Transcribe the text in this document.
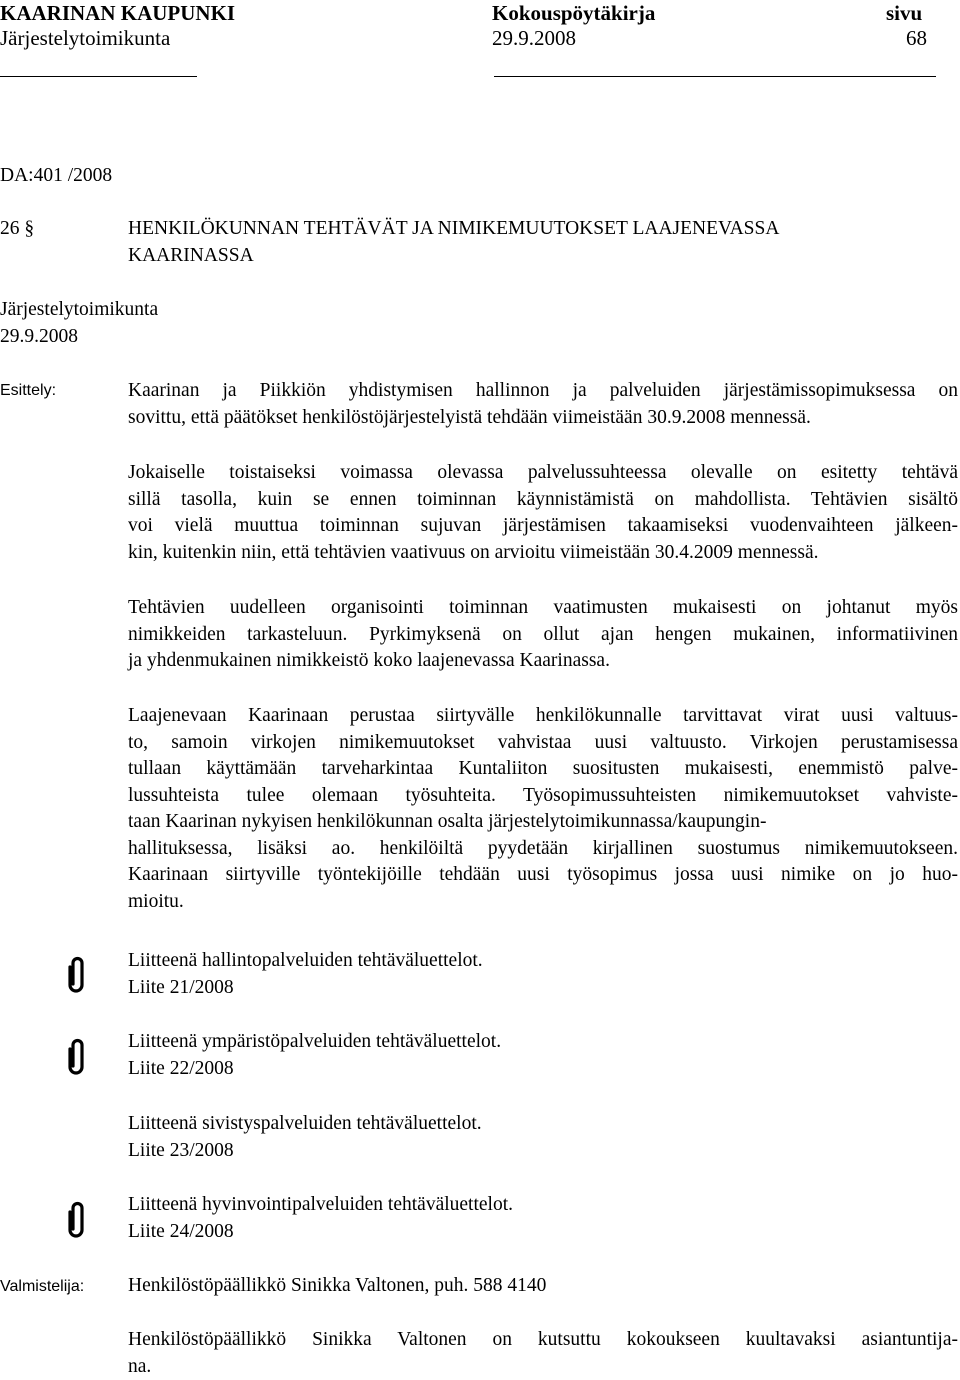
KAARINAN KAUPUNKI	Kokouspöytäkirja	sivu
Järjestelytoimikunta	29.9.2008	68
DA:401 /2008
26 §	HENKILÖKUNNAN TEHTÄVÄT JA NIMIKEMUUTOKSET LAAJENEVASSA
KAARINASSA
Järjestelytoimikunta
29.9.2008
Esittely:	Kaarinan ja Piikkiön yhdistymisen hallinnon ja palveluiden järjestämissopimuksessa on
sovittu, että päätökset henkilöstöjärjestelyistä tehdään viimeistään 30.9.2008 mennessä.
Jokaiselle toistaiseksi voimassa olevassa palvelussuhteessa olevalle on esitetty tehtävä
sillä tasolla, kuin se ennen toiminnan käynnistämistä on mahdollista. Tehtävien sisältö
voi vielä muuttua toiminnan sujuvan järjestämisen takaamiseksi vuodenvaihteen jälkeen-
kin, kuitenkin niin, että tehtävien vaativuus on arvioitu viimeistään 30.4.2009 mennessä.
Tehtävien uudelleen organisointi toiminnan vaatimusten mukaisesti on johtanut myös
nimikkeiden tarkasteluun. Pyrkimyksenä on ollut ajan hengen mukainen, informatiivinen
ja yhdenmukainen nimikkeistö koko laajenevassa Kaarinassa.
Laajenevaan Kaarinaan perustaa siirtyvälle henkilökunnalle tarvittavat virat uusi valtuus-
to, samoin virkojen nimikemuutokset vahvistaa uusi valtuusto. Virkojen perustamisessa
tullaan käyttämään tarveharkintaa Kuntaliiton suositusten mukaisesti, enemmistö palve-
lussuhteista tulee olemaan työsuhteita. Työsopimussuhteisten nimikemuutokset vahviste-
taan Kaarinan nykyisen henkilökunnan osalta järjestelytoimikunnassa/kaupungin-
hallituksessa, lisäksi ao. henkilöiltä pyydetään kirjallinen suostumus nimikemuutokseen.
Kaarinaan siirtyville työntekijöille tehdään uusi työsopimus jossa uusi nimike on jo huo-
mioitu.
Liitteenä hallintopalveluiden tehtäväluettelot.
Liite 21/2008
Liitteenä ympäristöpalveluiden tehtäväluettelot.
Liite 22/2008
Liitteenä sivistyspalveluiden tehtäväluettelot.
Liite 23/2008
Liitteenä hyvinvointipalveluiden tehtäväluettelot.
Liite 24/2008
Valmistelija: Henkilöstöpäällikkö Sinikka Valtonen, puh. 588 4140
Henkilöstöpäällikkö Sinikka Valtonen on kutsuttu kokoukseen kuultavaksi asiantuntija-
na.
